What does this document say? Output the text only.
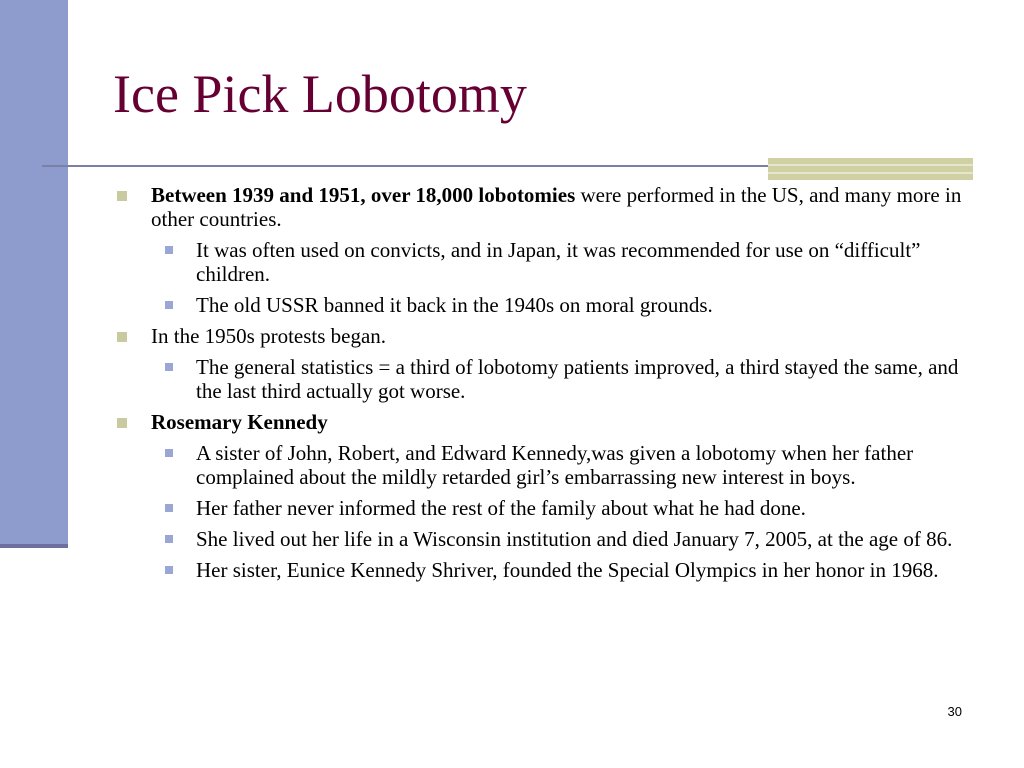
Ice Pick Lobotomy
Between 1939 and 1951, over 18,000 lobotomies were performed in the US, and many more in other countries.
It was often used on convicts, and in Japan, it was recommended for use on “difficult” children.
The old USSR banned it back in the 1940s on moral grounds.
In the 1950s protests began.
The general statistics = a third of lobotomy patients improved, a third stayed the same, and the last third actually got worse.
Rosemary Kennedy
A sister of John, Robert, and Edward Kennedy,was given a lobotomy when her father complained about the mildly retarded girl’s embarrassing new interest in boys.
Her father never informed the rest of the family about what he had done.
She lived out her life in a Wisconsin institution and died January 7, 2005, at the age of 86.
Her sister, Eunice Kennedy Shriver, founded the Special Olympics in her honor in 1968.
30
